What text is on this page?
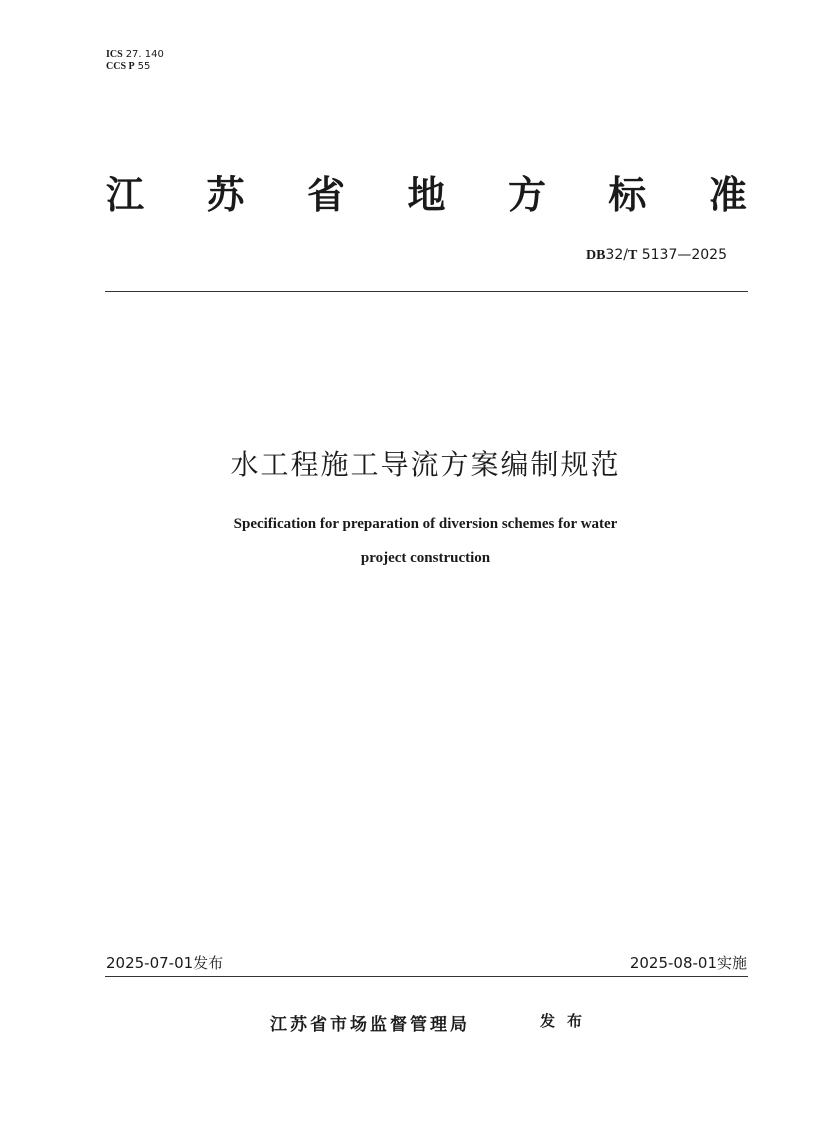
ICS 27. 140
CCS P 55
江 苏 省 地 方 标 准
DB32/T 5137—2025
水工程施工导流方案编制规范
Specification for preparation of diversion schemes for water
project construction
2025-07-01发布	2025-08-01实施
江苏省市场监督管理局	发布
